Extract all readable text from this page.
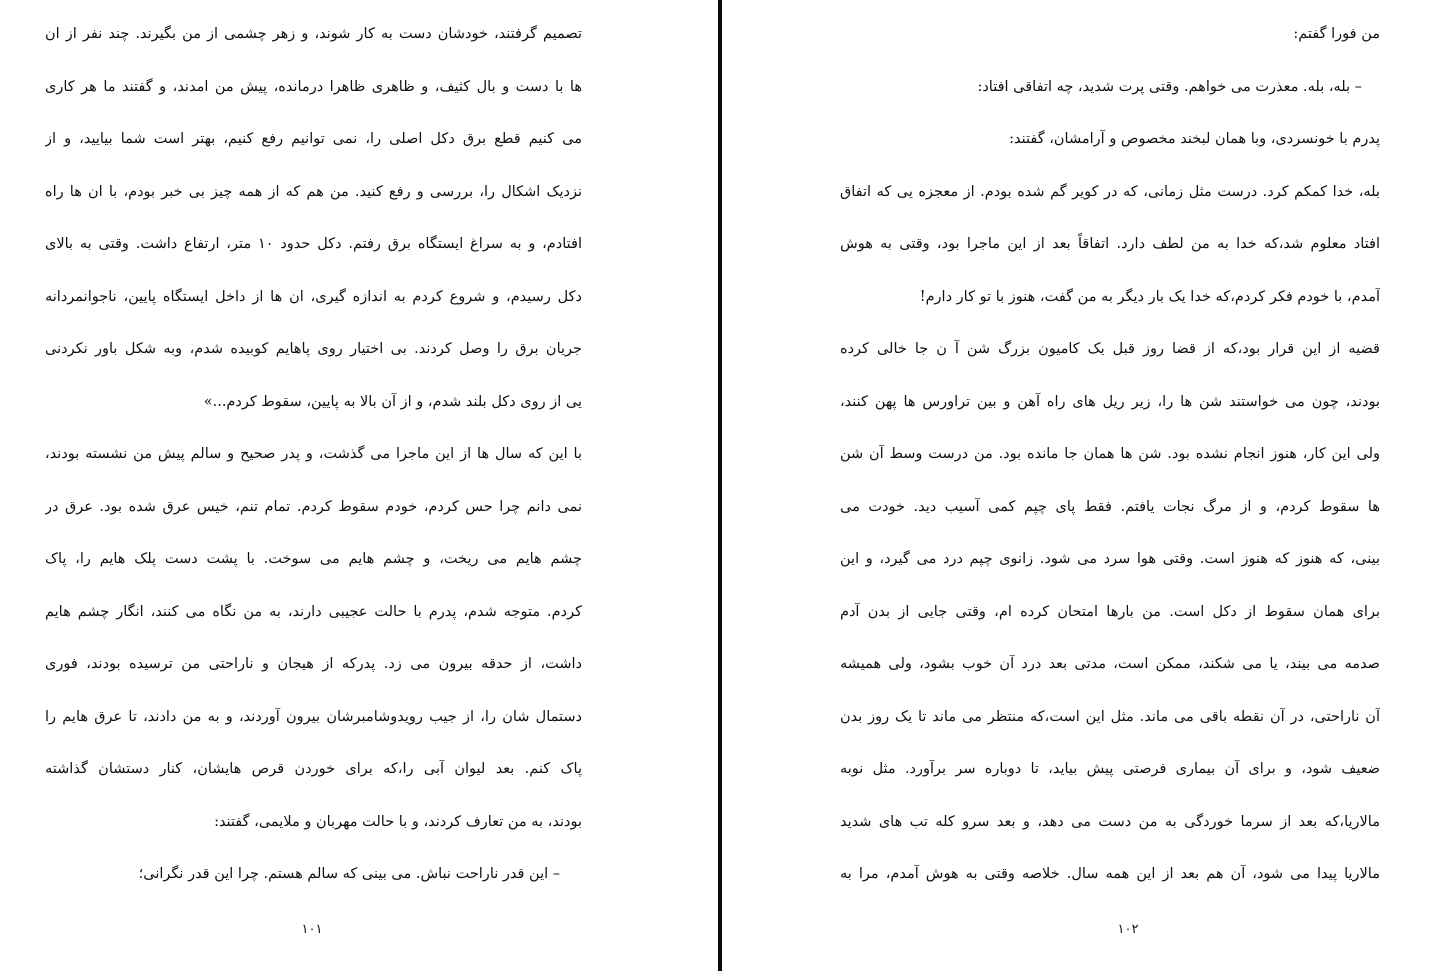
تصمیم گرفتند، خودشان دست به کار شوند، و زهر چشمی از من بگیرند. چند نفر از ان
ها با دست و بال کثیف، و ظاهری ظاهرا درمانده، پیش من امدند، و گفتند ما هر کاری
می کنیم قطع برق دکل اصلی را، نمی توانیم رفع کنیم، بهتر است شما بیایید، و از
نزدیک اشکال را، بررسی و رفع کنید. من هم که از همه چیز بی خبر بودم، با ان ها راه
افتادم، و به سراغ ایستگاه برق رفتم. دکل حدود ۱۰ متر، ارتفاع داشت. وقتی به بالای
دکل رسیدم، و شروع کردم به اندازه گیری، ان ها از داخل ایستگاه پایین، ناجوانمردانه
جریان برق را وصل کردند. بی اختیار روی پاهایم کوبیده شدم، وبه شکل باور نکردنی
یی از روی دکل بلند شدم، و از آن بالا به پایین، سقوط کردم...»
با این که سال ها از این ماجرا می گذشت، و پدر صحیح و سالم پیش من نشسته بودند،
نمی دانم چرا حس کردم، خودم سقوط کردم. تمام تنم، خیس عرق شده بود. عرق در
چشم هایم می ریخت، و چشم هایم می سوخت. با پشت دست پلک هایم را، پاک
کردم. متوجه شدم، پدرم با حالت عجیبی دارند، به من نگاه می کنند، انگار چشم هایم
داشت، از حدقه بیرون می زد. پدرکه از هیجان و ناراحتی من ترسیده بودند، فوری
دستمال شان را، از جیب رویدوشامبرشان بیرون آوردند، و به من دادند، تا عرق هایم را
پاک کنم. بعد لیوان آبی را،که برای خوردن قرص هایشان، کنار دستشان گذاشته
بودند، به من تعارف کردند، و با حالت مهربان و ملایمی، گفتند:
– این قدر ناراحت نباش. می بینی که سالم هستم. چرا این قدر نگرانی؛
۱۰۱
من فورا گفتم:
– بله، بله. معذرت می خواهم. وقتی پرت شدید، چه اتفاقی افتاد:
پدرم با خونسردی، وبا همان لبخند مخصوص و آرامشان، گفتند:
بله، خدا کمکم کرد. درست مثل زمانی، که در کویر گم شده بودم. از معجزه یی که اتفاق
افتاد معلوم شد،که خدا به من لطف دارد. اتفاقاً بعد از این ماجرا بود، وقتی به هوش
آمدم، با خودم فکر کردم،که خدا یک بار دیگر به من گفت، هنوز با تو کار دارم!
قضیه از این قرار بود،که از قضا روز قبل یک کامیون بزرگ شن آ ن جا خالی کرده
بودند، چون می خواستند شن ها را، زیر ریل های راه آهن و بین تراورس ها پهن کنند،
ولی این کار، هنوز انجام نشده بود. شن ها همان جا مانده بود. من درست وسط آن شن
ها سقوط کردم، و از مرگ نجات یافتم. فقط پای چپم کمی آسیب دید. خودت می
بینی، که هنوز که هنوز است. وقتی هوا سرد می شود. زانوی چپم درد می گیرد، و این
برای همان سقوط از دکل است. من بارها امتحان کرده ام، وقتی جایی از بدن آدم
صدمه می بیند، یا می شکند، ممکن است، مدتی بعد درد آن خوب بشود، ولی همیشه
آن ناراحتی، در آن نقطه باقی می ماند. مثل این است،که منتظر می ماند تا یک روز بدن
ضعیف شود، و برای آن بیماری فرصتی پیش بیاید، تا دوباره سر برآورد. مثل نوبه
مالاریا،که بعد از سرما خوردگی به من دست می دهد، و بعد سرو کله تب های شدید
مالاریا پیدا می شود، آن هم بعد از این همه سال. خلاصه وقتی به هوش آمدم، مرا به
۱۰۲
